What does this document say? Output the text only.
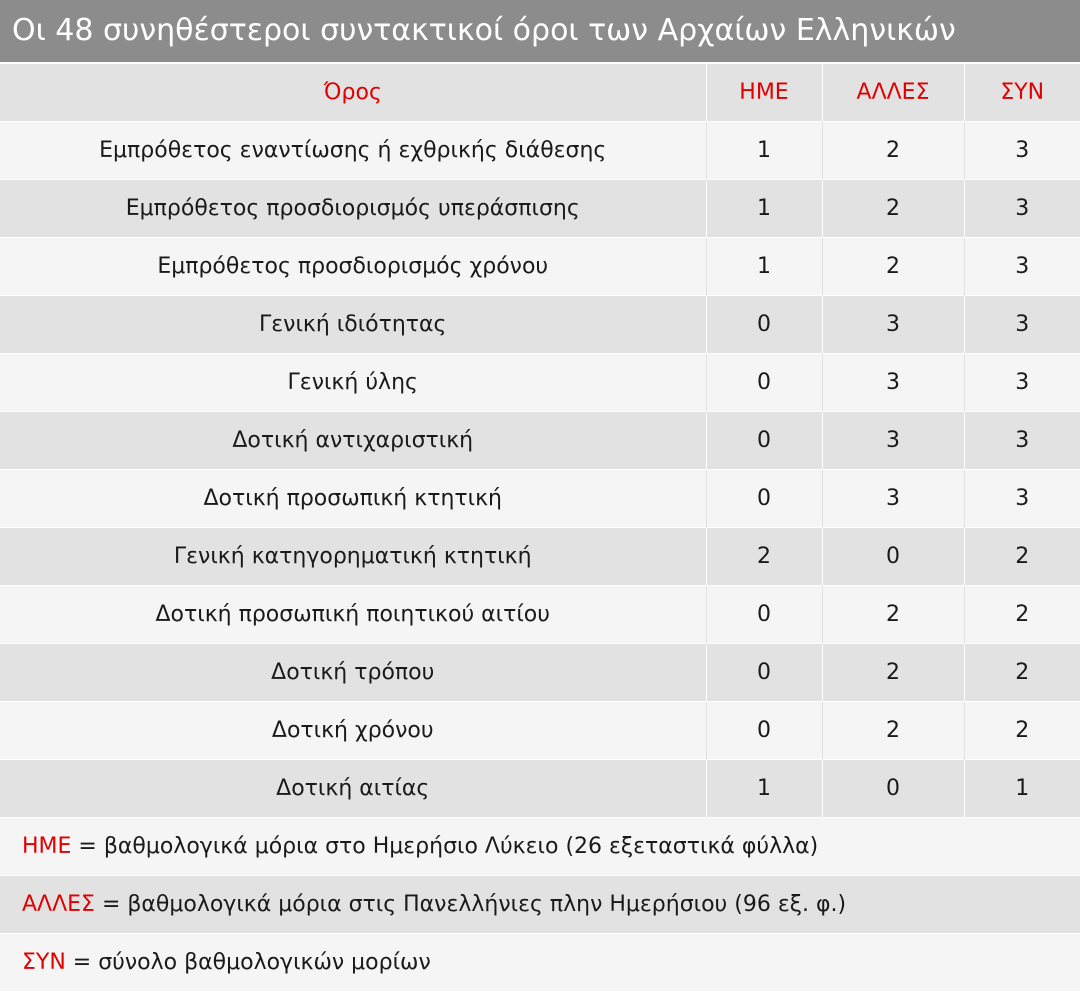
Οι 48 συνηθέστεροι συντακτικοί όροι των Αρχαίων Ελληνικών
Όρος	ΗΜΕ	ΑΛΛΕΣ	ΣΥΝ
Εμπρόθετος εναντίωσης ή εχθρικής διάθεσης	1	2	3
Εμπρόθετος προσδιορισμός υπεράσπισης	1	2	3
Εμπρόθετος προσδιορισμός χρόνου	1	2	3
Γενική ιδιότητας	0	3	3
Γενική ύλης	0	3	3
Δοτική αντιχαριστική	0	3	3
Δοτική προσωπική κτητική	0	3	3
Γενική κατηγορηματική κτητική	2	0	2
Δοτική προσωπική ποιητικού αιτίου	0	2	2
Δοτική τρόπου	0	2	2
Δοτική χρόνου	0	2	2
Δοτική αιτίας	1	0	1
ΗΜΕ = βαθμολογικά μόρια στο Ημερήσιο Λύκειο (26 εξεταστικά φύλλα)
ΑΛΛΕΣ = βαθμολογικά μόρια στις Πανελλήνιες πλην Ημερήσιου (96 εξ. φ.)
ΣΥΝ = σύνολο βαθμολογικών μορίων
